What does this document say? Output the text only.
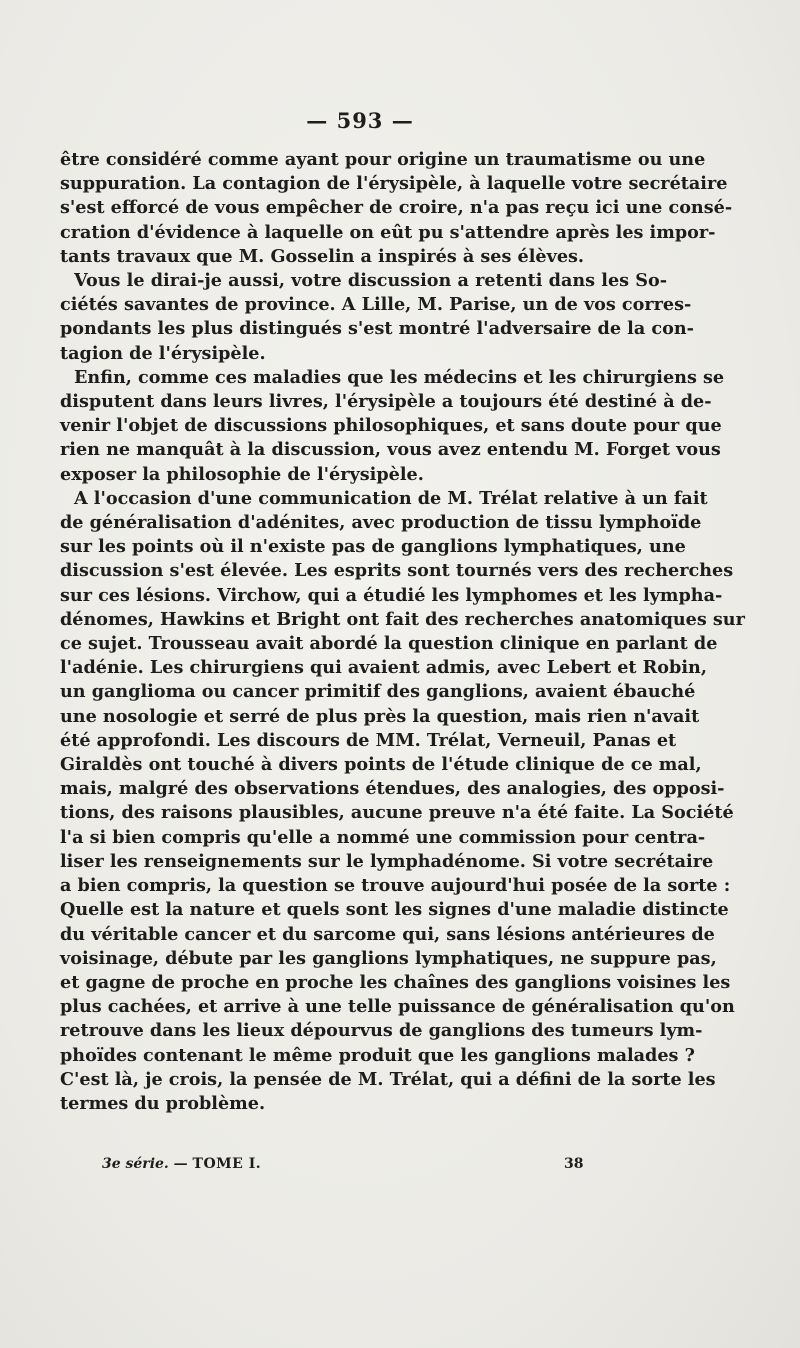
— 593 —
être considéré comme ayant pour origine un traumatisme ou une
suppuration. La contagion de l'érysipèle, à laquelle votre secrétaire
s'est efforcé de vous empêcher de croire, n'a pas reçu ici une consé-
cration d'évidence à laquelle on eût pu s'attendre après les impor-
tants travaux que M. Gosselin a inspirés à ses élèves.
Vous le dirai-je aussi, votre discussion a retenti dans les So-
ciétés savantes de province. A Lille, M. Parise, un de vos corres-
pondants les plus distingués s'est montré l'adversaire de la con-
tagion de l'érysipèle.
Enfin, comme ces maladies que les médecins et les chirurgiens se
disputent dans leurs livres, l'érysipèle a toujours été destiné à de-
venir l'objet de discussions philosophiques, et sans doute pour que
rien ne manquât à la discussion, vous avez entendu M. Forget vous
exposer la philosophie de l'érysipèle.
A l'occasion d'une communication de M. Trélat relative à un fait
de généralisation d'adénites, avec production de tissu lymphoïde
sur les points où il n'existe pas de ganglions lymphatiques, une
discussion s'est élevée. Les esprits sont tournés vers des recherches
sur ces lésions. Virchow, qui a étudié les lymphomes et les lympha-
dénomes, Hawkins et Bright ont fait des recherches anatomiques sur
ce sujet. Trousseau avait abordé la question clinique en parlant de
l'adénie. Les chirurgiens qui avaient admis, avec Lebert et Robin,
un ganglioma ou cancer primitif des ganglions, avaient ébauché
une nosologie et serré de plus près la question, mais rien n'avait
été approfondi. Les discours de MM. Trélat, Verneuil, Panas et
Giraldès ont touché à divers points de l'étude clinique de ce mal,
mais, malgré des observations étendues, des analogies, des opposi-
tions, des raisons plausibles, aucune preuve n'a été faite. La Société
l'a si bien compris qu'elle a nommé une commission pour centra-
liser les renseignements sur le lymphadénome. Si votre secrétaire
a bien compris, la question se trouve aujourd'hui posée de la sorte :
Quelle est la nature et quels sont les signes d'une maladie distincte
du véritable cancer et du sarcome qui, sans lésions antérieures de
voisinage, débute par les ganglions lymphatiques, ne suppure pas,
et gagne de proche en proche les chaînes des ganglions voisines les
plus cachées, et arrive à une telle puissance de généralisation qu'on
retrouve dans les lieux dépourvus de ganglions des tumeurs lym-
phoïdes contenant le même produit que les ganglions malades ?
C'est là, je crois, la pensée de M. Trélat, qui a défini de la sorte les
termes du problème.
3e série. — TOME I.	38
